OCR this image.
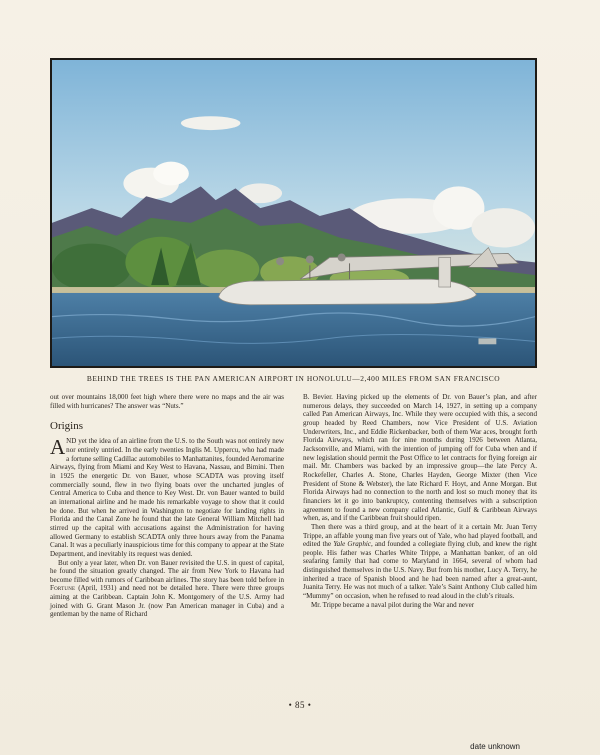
BEHIND THE TREES IS THE PAN AMERICAN AIRPORT IN HONOLULU—2,400 MILES FROM SAN FRANCISCO

out over mountains 18,000 feet high where there were no maps and the air was filled with hurricanes? The answer was “Nuts.”

Origins

AND yet the idea of an airline from the U.S. to the South was not entirely new nor entirely untried. In the early twenties Inglis M. Uppercu, who had made a fortune selling Cadillac automobiles to Manhattanites, founded Aeromarine Airways, flying from Miami and Key West to Havana, Nassau, and Bimini. Then in 1925 the energetic Dr. von Bauer, whose SCADTA was proving itself commercially sound, flew in two flying boats over the uncharted jungles of Central America to Cuba and thence to Key West. Dr. von Bauer wanted to build an international airline and he made his remarkable voyage to show that it could be done. But when he arrived in Washington to negotiate for landing rights in Florida and the Canal Zone he found that the late General William Mitchell had stirred up the capital with accusations against the Administration for having allowed Germany to establish SCADTA only three hours away from the Panama Canal. It was a peculiarly inauspicious time for this company to appear at the State Department, and inevitably its request was denied.

But only a year later, when Dr. von Bauer revisited the U.S. in quest of capital, he found the situation greatly changed. The air from New York to Havana had become filled with rumors of Caribbean airlines. The story has been told before in Fortune (April, 1931) and need not be detailed here. There were three groups aiming at the Caribbean. Captain John K. Montgomery of the U.S. Army had joined with G. Grant Mason Jr. (now Pan American manager in Cuba) and a gentleman by the name of Richard

B. Bevier. Having picked up the elements of Dr. von Bauer’s plan, and after numerous delays, they succeeded on March 14, 1927, in setting up a company called Pan American Airways, Inc. While they were occupied with this, a second group headed by Reed Chambers, now Vice President of U.S. Aviation Underwriters, Inc., and Eddie Rickenbacker, both of them War aces, brought forth Florida Airways, which ran for nine months during 1926 between Atlanta, Jacksonville, and Miami, with the intention of jumping off for Cuba when and if new legislation should permit the Post Office to let contracts for flying foreign air mail. Mr. Chambers was backed by an impressive group—the late Percy A. Rockefeller, Charles A. Stone, Charles Hayden, George Mixter (then Vice President of Stone & Webster), the late Richard F. Hoyt, and Anne Morgan. But Florida Airways had no connection to the north and lost so much money that its financiers let it go into bankruptcy, contenting themselves with a subscription agreement to found a new company called Atlantic, Gulf & Caribbean Airways when, as, and if the Caribbean fruit should ripen.

Then there was a third group, and at the heart of it a certain Mr. Juan Terry Trippe, an affable young man five years out of Yale, who had played football, and edited the Yale Graphic, and founded a collegiate flying club, and knew the right people. His father was Charles White Trippe, a Manhattan banker, of an old seafaring family that had come to Maryland in 1664, several of whom had distinguished themselves in the U.S. Navy. But from his mother, Lucy A. Terry, he inherited a trace of Spanish blood and he had been named after a great-aunt, Juanita Terry. He was not much of a talker. Yale’s Saint Anthony Club called him “Mummy” on occasion, when he refused to read aloud in the club’s rituals.

Mr. Trippe became a naval pilot during the War and never

• 85 •
date unknown
